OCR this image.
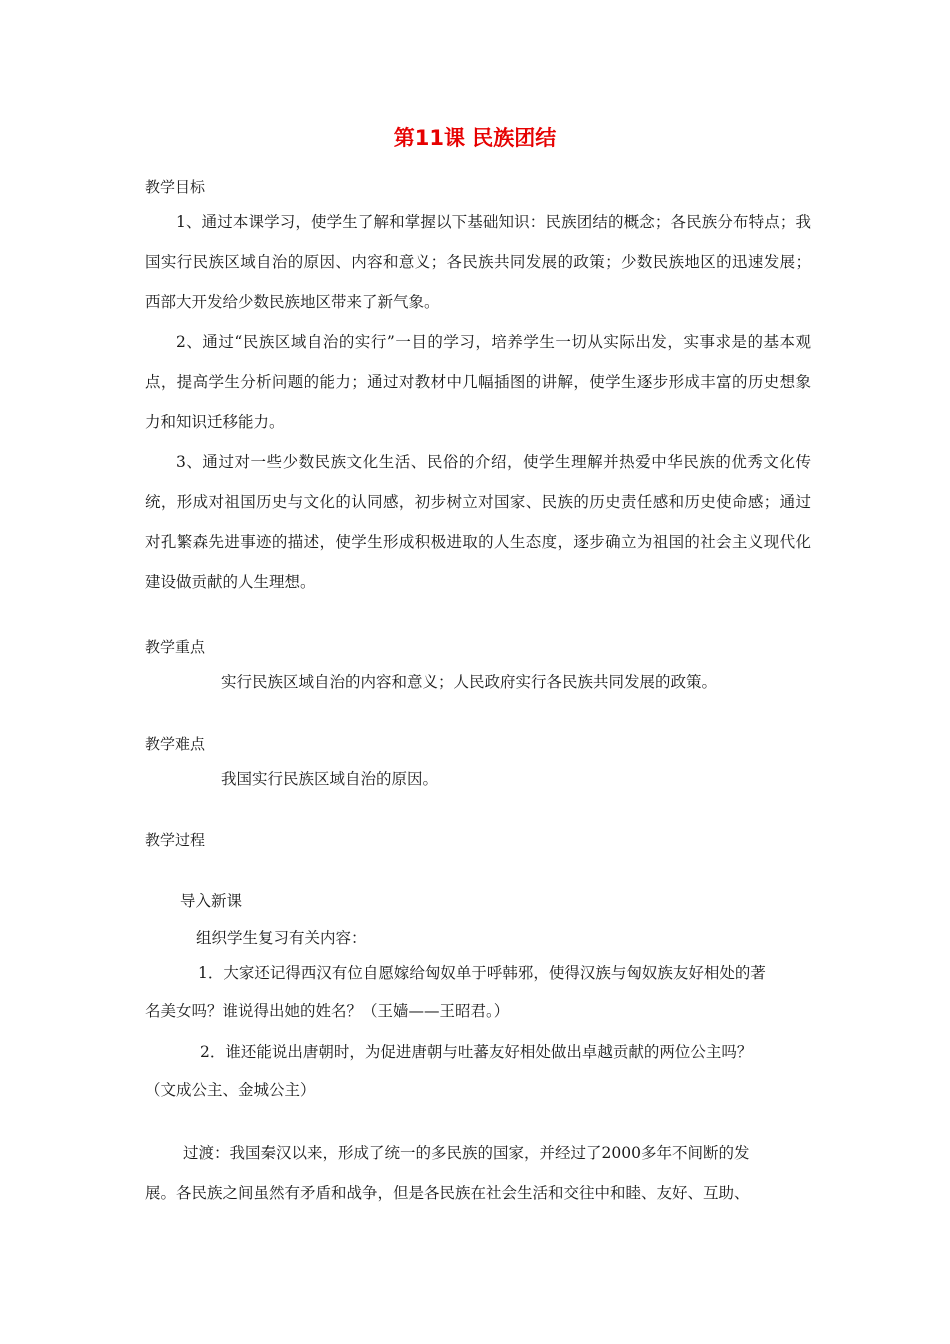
第11课 民族团结
教学目标

1、通过本课学习，使学生了解和掌握以下基础知识：民族团结的概念；各民族分布特点；我国实行民族区域自治的原因、内容和意义；各民族共同发展的政策；少数民族地区的迅速发展；西部大开发给少数民族地区带来了新气象。

2、通过“民族区域自治的实行”一目的学习，培养学生一切从实际出发，实事求是的基本观点，提高学生分析问题的能力；通过对教材中几幅插图的讲解，使学生逐步形成丰富的历史想象力和知识迁移能力。

3、通过对一些少数民族文化生活、民俗的介绍，使学生理解并热爱中华民族的优秀文化传统，形成对祖国历史与文化的认同感，初步树立对国家、民族的历史责任感和历史使命感；通过对孔繁森先进事迹的描述，使学生形成积极进取的人生态度，逐步确立为祖国的社会主义现代化建设做贡献的人生理想。

教学重点
实行民族区域自治的内容和意义；人民政府实行各民族共同发展的政策。
教学难点
我国实行民族区域自治的原因。
教学过程
导入新课
组织学生复习有关内容：
1．大家还记得西汉有位自愿嫁给匈奴单于呼韩邪，使得汉族与匈奴族友好相处的著
名美女吗？谁说得出她的姓名？（王嫱——王昭君。）
2．谁还能说出唐朝时，为促进唐朝与吐蕃友好相处做出卓越贡献的两位公主吗？
（文成公主、金城公主）
过渡：我国秦汉以来，形成了统一的多民族的国家，并经过了2000多年不间断的发
展。各民族之间虽然有矛盾和战争，但是各民族在社会生活和交往中和睦、友好、互助、
